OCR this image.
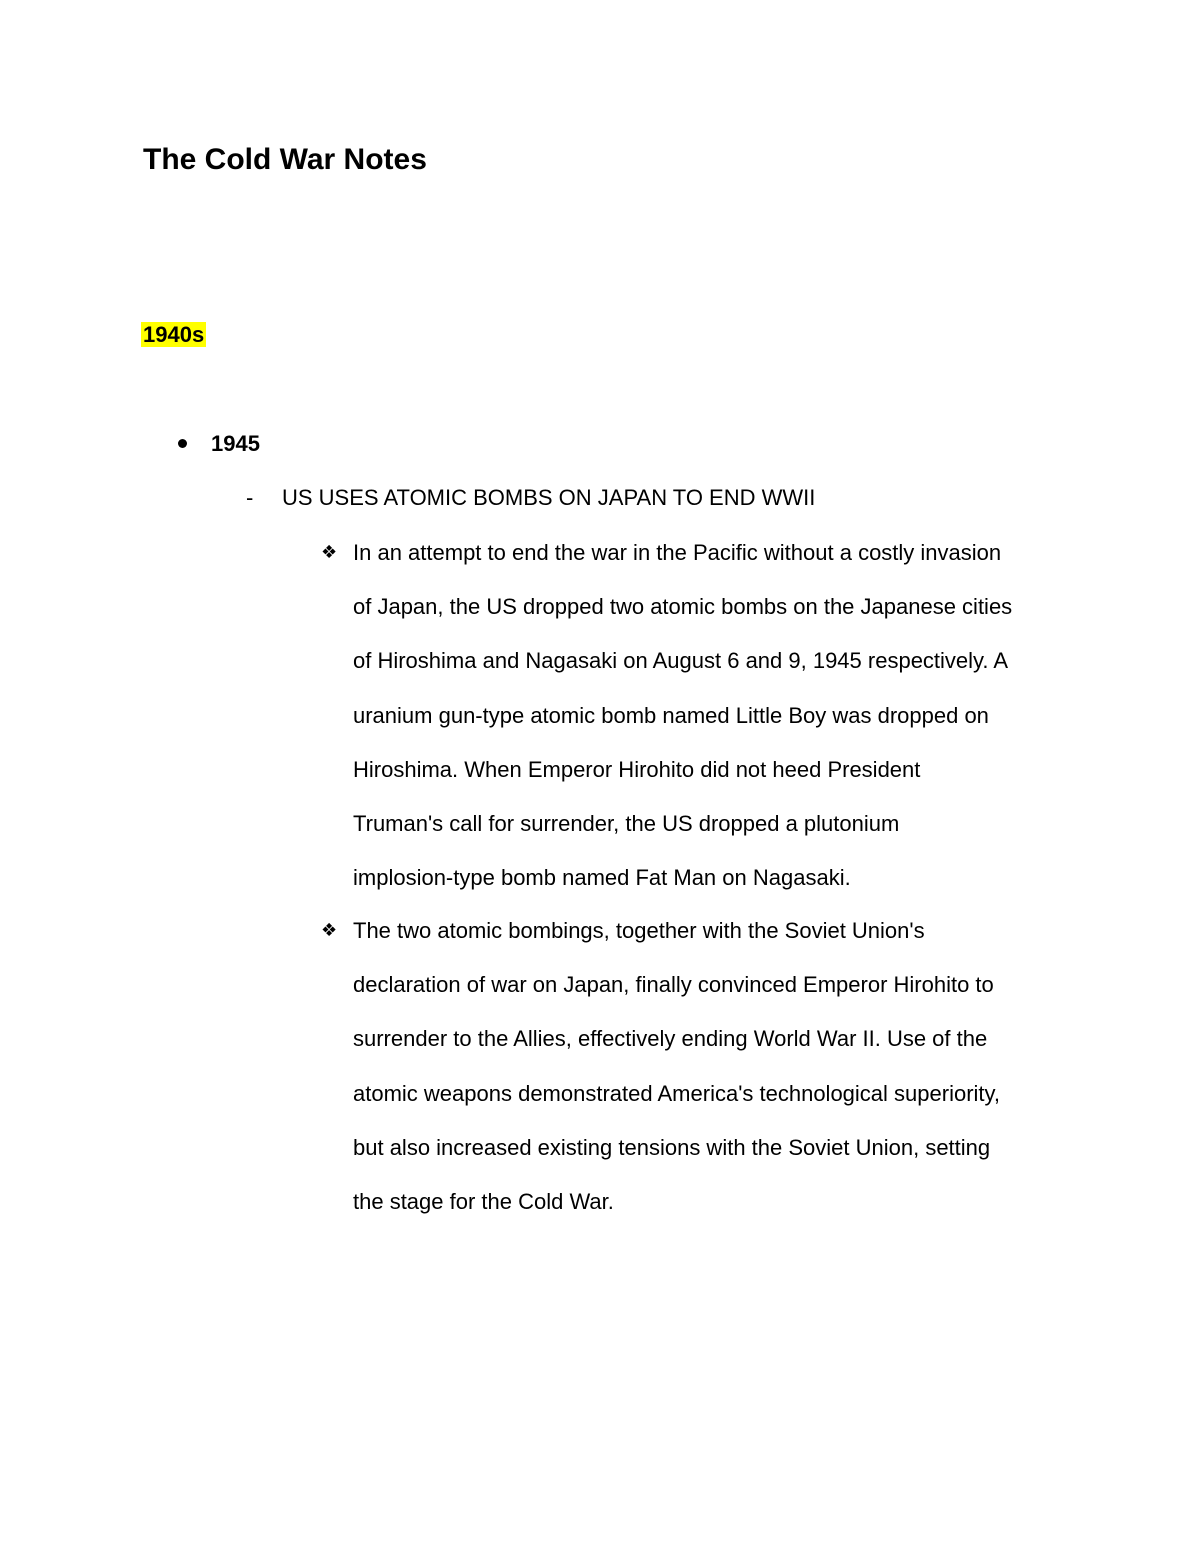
The Cold War Notes
1940s
1945
- US USES ATOMIC BOMBS ON JAPAN TO END WWII
❖ In an attempt to end the war in the Pacific without a costly invasion
of Japan, the US dropped two atomic bombs on the Japanese cities
of Hiroshima and Nagasaki on August 6 and 9, 1945 respectively. A
uranium gun-type atomic bomb named Little Boy was dropped on
Hiroshima. When Emperor Hirohito did not heed President
Truman's call for surrender, the US dropped a plutonium
implosion-type bomb named Fat Man on Nagasaki.
❖ The two atomic bombings, together with the Soviet Union's
declaration of war on Japan, finally convinced Emperor Hirohito to
surrender to the Allies, effectively ending World War II. Use of the
atomic weapons demonstrated America's technological superiority,
but also increased existing tensions with the Soviet Union, setting
the stage for the Cold War.
